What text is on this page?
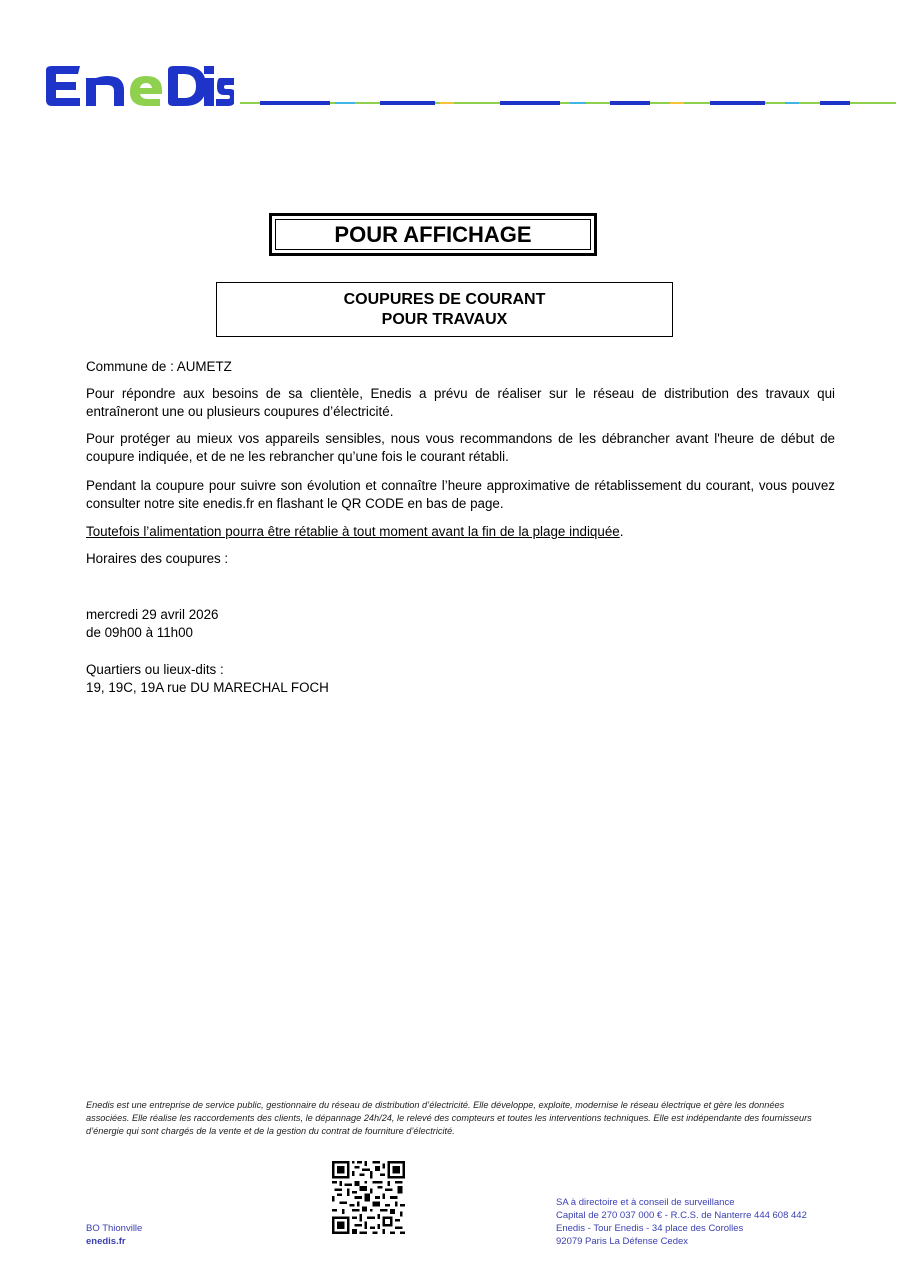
POUR AFFICHAGE
COUPURES DE COURANT
POUR TRAVAUX
Commune de : AUMETZ
Pour répondre aux besoins de sa clientèle, Enedis a prévu de réaliser sur le réseau de distribution des travaux qui entraîneront une ou plusieurs coupures d’électricité.
Pour protéger au mieux vos appareils sensibles, nous vous recommandons de les débrancher avant l'heure de début de coupure indiquée, et de ne les rebrancher qu’une fois le courant rétabli.
Pendant la coupure pour suivre son évolution et connaître l’heure approximative de rétablissement du courant, vous pouvez consulter notre site enedis.fr en flashant le QR CODE en bas de page.
Toutefois l’alimentation pourra être rétablie à tout moment avant la fin de la plage indiquée.
Horaires des coupures :
mercredi 29 avril 2026
de 09h00 à 11h00
Quartiers ou lieux-dits :
19, 19C, 19A rue DU MARECHAL FOCH
Enedis est une entreprise de service public, gestionnaire du réseau de distribution d’électricité. Elle développe, exploite, modernise le réseau électrique et gère les données associées. Elle réalise les raccordements des clients, le dépannage 24h/24, le relevé des compteurs et toutes les interventions techniques. Elle est indépendante des fournisseurs d’énergie qui sont chargés de la vente et de la gestion du contrat de fourniture d’électricité.
BO Thionville
enedis.fr
SA à directoire et à conseil de surveillance
Capital de 270 037 000 € - R.C.S. de Nanterre 444 608 442
Enedis - Tour Enedis - 34 place des Corolles
92079 Paris La Défense Cedex
